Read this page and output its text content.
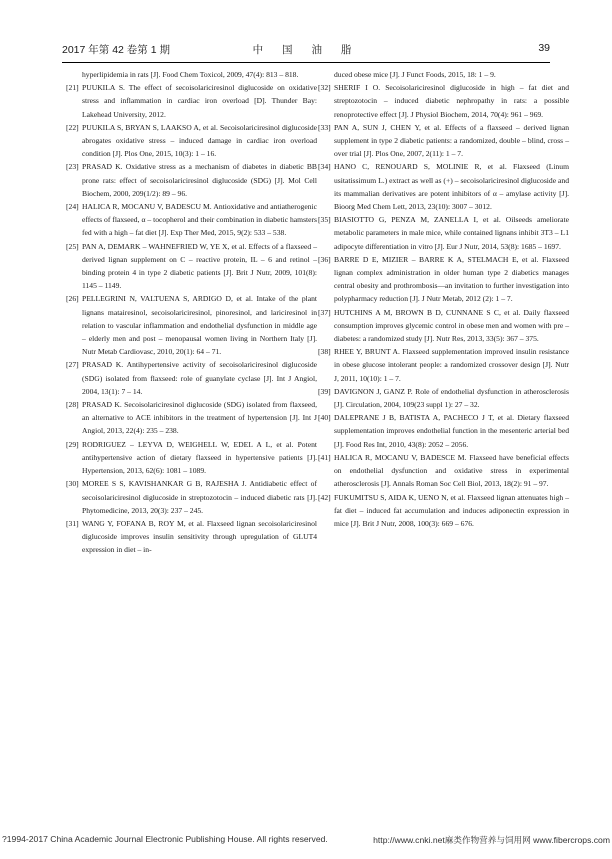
2017 年第 42 卷第 1 期	中 国 油 脂	39
hyperlipidemia in rats [J]. Food Chem Toxicol, 2009, 47(4): 813 – 818.
[21] PUUKILA S. The effect of secoisolariciresinol diglucoside on oxidative stress and inflammation in cardiac iron overload [D]. Thunder Bay: Lakehead University, 2012.
[22] PUUKILA S, BRYAN S, LAAKSO A, et al. Secoisolariciresinol diglucoside abrogates oxidative stress – induced damage in cardiac iron overload condition [J]. Plos One, 2015, 10(3): 1 – 16.
[23] PRASAD K. Oxidative stress as a mechanism of diabetes in diabetic BB prone rats: effect of secoisolariciresinol diglucoside (SDG) [J]. Mol Cell Biochem, 2000, 209(1/2): 89 – 96.
[24] HALICA R, MOCANU V, BADESCU M. Antioxidative and antiatherogenic effects of flaxseed, α – tocopherol and their combination in diabetic hamsters fed with a high – fat diet [J]. Exp Ther Med, 2015, 9(2): 533 – 538.
[25] PAN A, DEMARK – WAHNEFRIED W, YE X, et al. Effects of a flaxseed – derived lignan supplement on C – reactive protein, IL – 6 and retinol – binding protein 4 in type 2 diabetic patients [J]. Brit J Nutr, 2009, 101(8): 1145 – 1149.
[26] PELLEGRINI N, VALTUENA S, ARDIGO D, et al. Intake of the plant lignans matairesinol, secoisolariciresinol, pinoresinol, and lariciresinol in relation to vascular inflammation and endothelial dysfunction in middle age – elderly men and post – menopausal women living in Northern Italy [J]. Nutr Metab Cardiovasc, 2010, 20(1): 64 – 71.
[27] PRASAD K. Antihypertensive activity of secoisolariciresinol diglucoside (SDG) isolated from flaxseed: role of guanylate cyclase [J]. Int J Angiol, 2004, 13(1): 7 – 14.
[28] PRASAD K. Secoisolariciresinol diglucoside (SDG) isolated from flaxseed, an alternative to ACE inhibitors in the treatment of hypertension [J]. Int J Angiol, 2013, 22(4): 235 – 238.
[29] RODRIGUEZ – LEYVA D, WEIGHELL W, EDEL A L, et al. Potent antihypertensive action of dietary flaxseed in hypertensive patients [J]. Hypertension, 2013, 62(6): 1081 – 1089.
[30] MOREE S S, KAVISHANKAR G B, RAJESHA J. Antidiabetic effect of secoisolariciresinol diglucoside in streptozotocin – induced diabetic rats [J]. Phytomedicine, 2013, 20(3): 237 – 245.
[31] WANG Y, FOFANA B, ROY M, et al. Flaxseed lignan secoisolariciresinol diglucoside improves insulin sensitivity through upregulation of GLUT4 expression in diet – in-
duced obese mice [J]. J Funct Foods, 2015, 18: 1 – 9.
[32] SHERIF I O. Secoisolariciresinol diglucoside in high – fat diet and streptozotocin – induced diabetic nephropathy in rats: a possible renoprotective effect [J]. J Physiol Biochem, 2014, 70(4): 961 – 969.
[33] PAN A, SUN J, CHEN Y, et al. Effects of a flaxseed – derived lignan supplement in type 2 diabetic patients: a randomized, double – blind, cross – over trial [J]. Plos One, 2007, 2(11): 1 – 7.
[34] HANO C, RENOUARD S, MOLINIE R, et al. Flaxseed (Linum usitatissimum L.) extract as well as (+) – secoisolariciresinol diglucoside and its mammalian derivatives are potent inhibitors of α – amylase activity [J]. Bioorg Med Chem Lett, 2013, 23(10): 3007 – 3012.
[35] BIASIOTTO G, PENZA M, ZANELLA I, et al. Oilseeds ameliorate metabolic parameters in male mice, while contained lignans inhibit 3T3 – L1 adipocyte differentiation in vitro [J]. Eur J Nutr, 2014, 53(8): 1685 – 1697.
[36] BARRE D E, MIZIER – BARRE K A, STELMACH E, et al. Flaxseed lignan complex administration in older human type 2 diabetics manages central obesity and prothrombosis—an invitation to further investigation into polypharmacy reduction [J]. J Nutr Metab, 2012 (2): 1 – 7.
[37] HUTCHINS A M, BROWN B D, CUNNANE S C, et al. Daily flaxseed consumption improves glycemic control in obese men and women with pre – diabetes: a randomized study [J]. Nutr Res, 2013, 33(5): 367 – 375.
[38] RHEE Y, BRUNT A. Flaxseed supplementation improved insulin resistance in obese glucose intolerant people: a randomized crossover design [J]. Nutr J, 2011, 10(10): 1 – 7.
[39] DAVIGNON J, GANZ P. Role of endothelial dysfunction in atherosclerosis [J]. Circulation, 2004, 109(23 suppl 1): 27 – 32.
[40] DALEPRANE J B, BATISTA A, PACHECO J T, et al. Dietary flaxseed supplementation improves endothelial function in the mesenteric arterial bed [J]. Food Res Int, 2010, 43(8): 2052 – 2056.
[41] HALICA R, MOCANU V, BADESCE M. Flaxseed have beneficial effects on endothelial dysfunction and oxidative stress in experimental atherosclerosis [J]. Annals Roman Soc Cell Biol, 2013, 18(2): 91 – 97.
[42] FUKUMITSU S, AIDA K, UENO N, et al. Flaxseed lignan attenuates high – fat diet – induced fat accumulation and induces adiponectin expression in mice [J]. Brit J Nutr, 2008, 100(3): 669 – 676.
?1994-2017 China Academic Journal Electronic Publishing House. All rights reserved.	http://www.cnki.net麻类作物营养与饲用网 www.fibercrops.com
